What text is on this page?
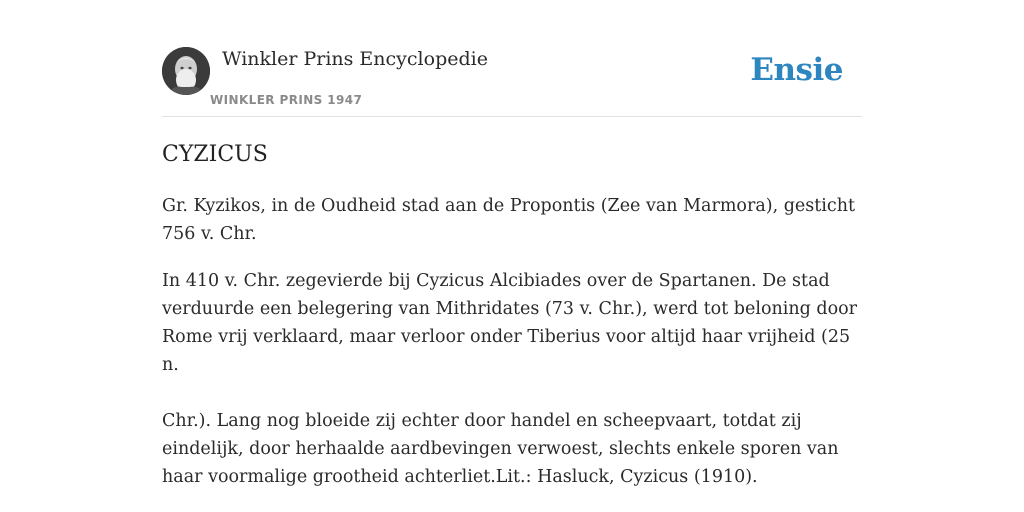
Winkler Prins Encyclopedie
WINKLER PRINS 1947
Ensie
CYZICUS

Gr. Kyzikos, in de Oudheid stad aan de Propontis (Zee van Marmora), gesticht 756 v. Chr.

In 410 v. Chr. zegevierde bij Cyzicus Alcibiades over de Spartanen. De stad verduurde een belegering van Mithridates (73 v. Chr.), werd tot beloning door Rome vrij verklaard, maar verloor onder Tiberius voor altijd haar vrijheid (25 n.

Chr.). Lang nog bloeide zij echter door handel en scheepvaart, totdat zij eindelijk, door herhaalde aardbevingen verwoest, slechts enkele sporen van haar voormalige grootheid achterliet.Lit.: Hasluck, Cyzicus (1910).
